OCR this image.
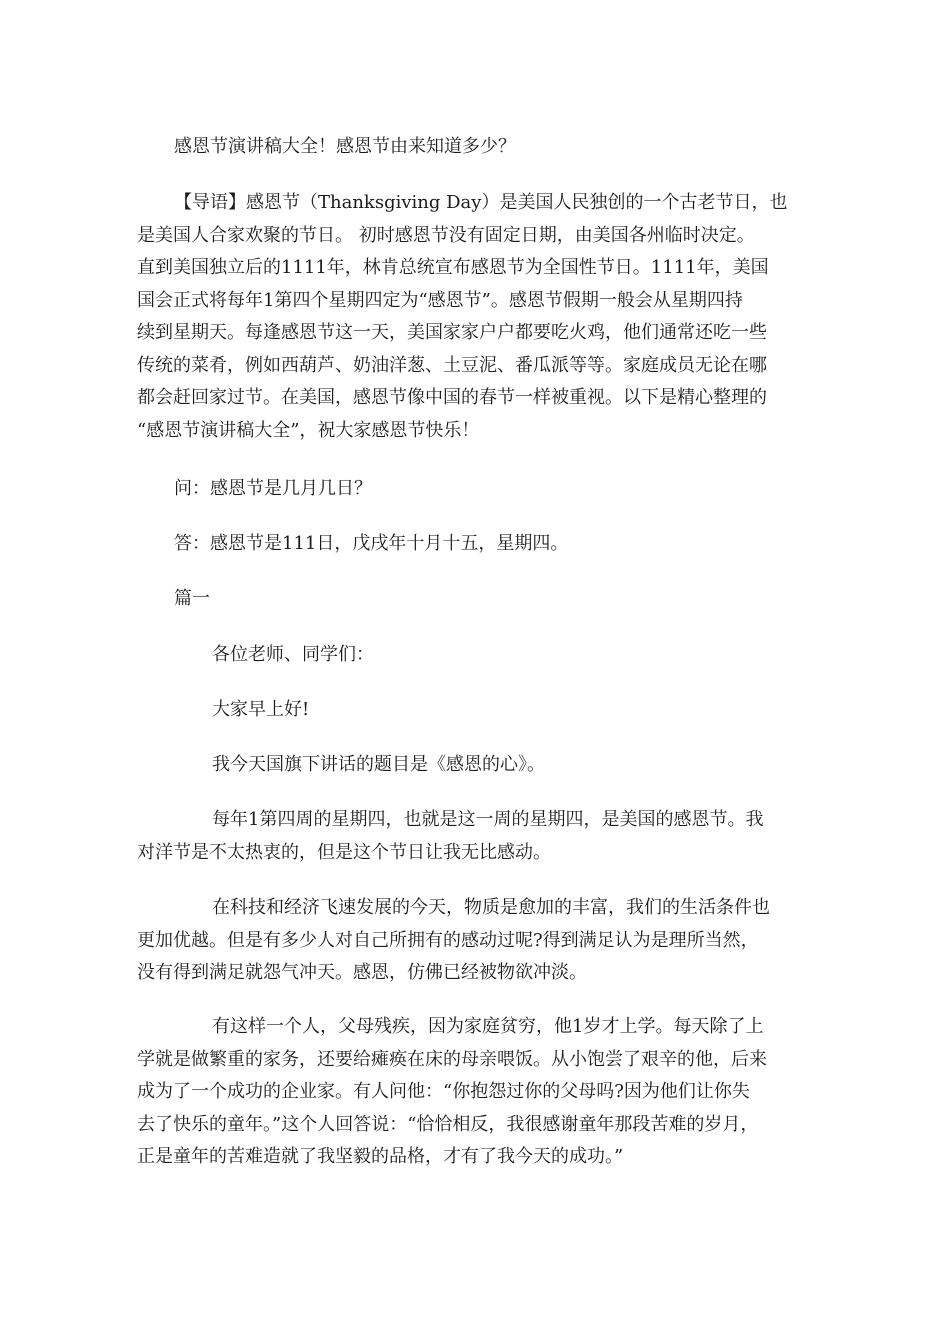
感恩节演讲稿大全！感恩节由来知道多少？

【导语】感恩节（Thanksgiving Day）是美国人民独创的一个古老节日，也
是美国人合家欢聚的节日。 初时感恩节没有固定日期，由美国各州临时决定。
直到美国独立后的1111年，林肯总统宣布感恩节为全国性节日。1111年，美国
国会正式将每年1第四个星期四定为“感恩节”。感恩节假期一般会从星期四持
续到星期天。每逢感恩节这一天，美国家家户户都要吃火鸡，他们通常还吃一些
传统的菜肴，例如西葫芦、奶油洋葱、土豆泥、番瓜派等等。家庭成员无论在哪
都会赶回家过节。在美国，感恩节像中国的春节一样被重视。以下是精心整理的
“感恩节演讲稿大全”，祝大家感恩节快乐！

问：感恩节是几月几日？

答：感恩节是111日，戊戌年十月十五，星期四。

篇一

各位老师、同学们：

大家早上好!

我今天国旗下讲话的题目是《感恩的心》。

每年1第四周的星期四，也就是这一周的星期四，是美国的感恩节。我
对洋节是不太热衷的，但是这个节日让我无比感动。
在科技和经济飞速发展的今天，物质是愈加的丰富，我们的生活条件也
更加优越。但是有多少人对自己所拥有的感动过呢?得到满足认为是理所当然，
没有得到满足就怨气冲天。感恩，仿佛已经被物欲冲淡。
有这样一个人，父母残疾，因为家庭贫穷，他1岁才上学。每天除了上
学就是做繁重的家务，还要给瘫痪在床的母亲喂饭。从小饱尝了艰辛的他，后来
成为了一个成功的企业家。有人问他：“你抱怨过你的父母吗?因为他们让你失
去了快乐的童年。”这个人回答说：“恰恰相反，我很感谢童年那段苦难的岁月，
正是童年的苦难造就了我坚毅的品格，才有了我今天的成功。”
